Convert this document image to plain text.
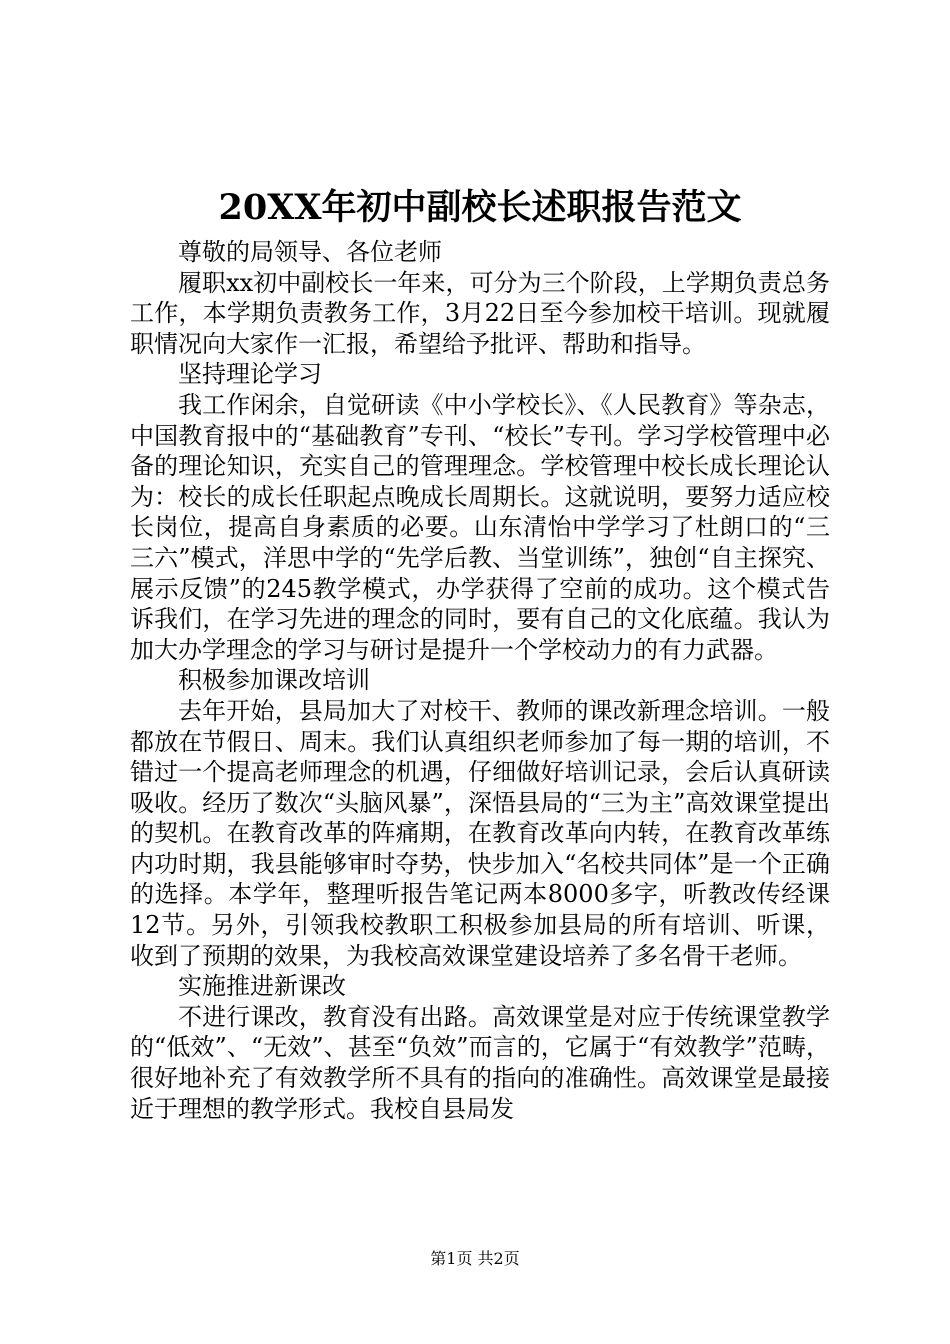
20XX年初中副校长述职报告范文

尊敬的局领导、各位老师

履职xx初中副校长一年来，可分为三个阶段，上学期负责总务工作，本学期负责教务工作，3月22日至今参加校干培训。现就履职情况向大家作一汇报，希望给予批评、帮助和指导。

坚持理论学习

我工作闲余，自觉研读《中小学校长》、《人民教育》等杂志，中国教育报中的“基础教育”专刊、“校长”专刊。学习学校管理中必备的理论知识，充实自己的管理理念。学校管理中校长成长理论认为：校长的成长任职起点晚成长周期长。这就说明，要努力适应校长岗位，提高自身素质的必要。山东清怡中学学习了杜朗口的“三三六”模式，洋思中学的“先学后教、当堂训练”，独创“自主探究、展示反馈”的245教学模式，办学获得了空前的成功。这个模式告诉我们，在学习先进的理念的同时，要有自己的文化底蕴。我认为加大办学理念的学习与研讨是提升一个学校动力的有力武器。

积极参加课改培训

去年开始，县局加大了对校干、教师的课改新理念培训。一般都放在节假日、周末。我们认真组织老师参加了每一期的培训，不错过一个提高老师理念的机遇，仔细做好培训记录，会后认真研读吸收。经历了数次“头脑风暴”，深悟县局的“三为主”高效课堂提出的契机。在教育改革的阵痛期，在教育改革向内转，在教育改革练内功时期，我县能够审时夺势，快步加入“名校共同体”是一个正确的选择。本学年，整理听报告笔记两本8000多字，听教改传经课12节。另外，引领我校教职工积极参加县局的所有培训、听课，收到了预期的效果，为我校高效课堂建设培养了多名骨干老师。

实施推进新课改

不进行课改，教育没有出路。高效课堂是对应于传统课堂教学的“低效”、“无效”、甚至“负效”而言的，它属于“有效教学”范畴，很好地补充了有效教学所不具有的指向的准确性。高效课堂是最接近于理想的教学形式。我校自县局发

第1页 共2页
